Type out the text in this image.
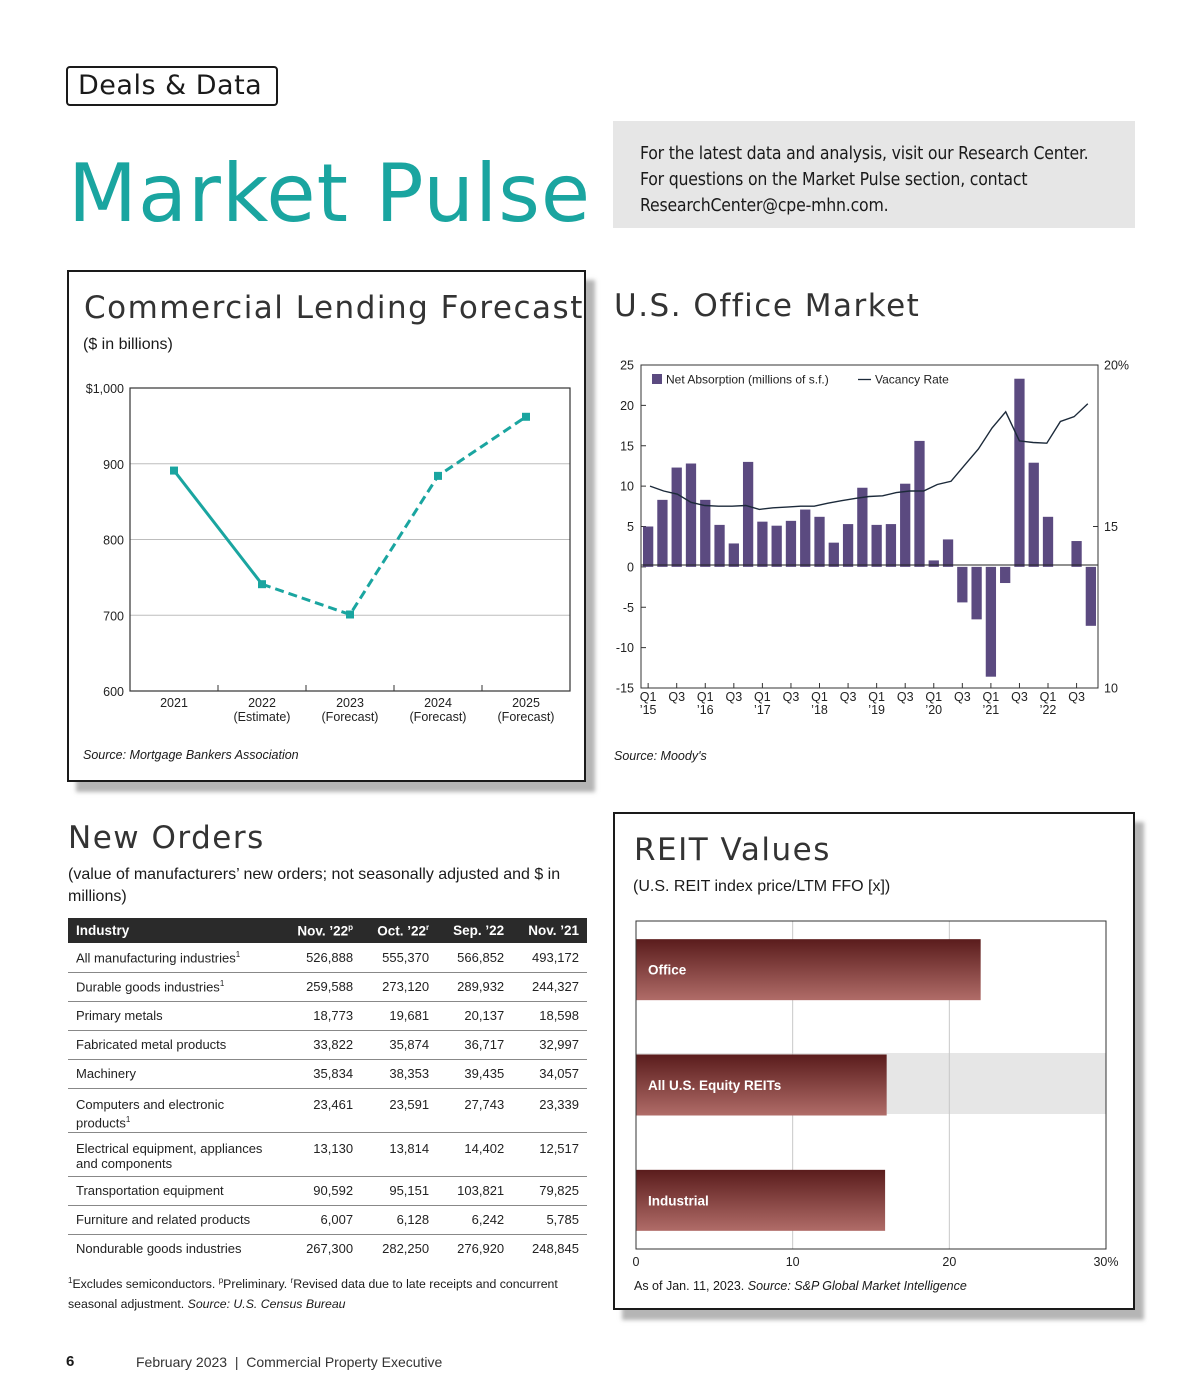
Deals & Data
Market Pulse	For the latest data and analysis, visit our Research Center.
For questions on the Market Pulse section, contact
ResearchCenter@cpe-mhn.com.
Commercial Lending Forecast
($ in billions)
$1,000
900
800
700
600
2021	2022
(Estimate)
2023
(Forecast)
2024
(Forecast)
2025
(Forecast)
Source: Mortgage Bankers Association
U.S. Office Market
25
20
15
10
5
0
-5
-10
-15
20%
15
10
Q1
’15
Q3 Q1
’16
Q3 Q1
’17
Q3 Q1
’18
Q3 Q1
’19
Q3 Q1
’20
Q3 Q1
’21
Q3 Q1
’22
Q3
Net Absorption (millions of s.f.)	Vacancy Rate
Source: Moody's
New Orders
(value of manufacturers’ new orders; not seasonally adjusted and $ in millions)
Industry	Nov. ’22$^p$	Oct. ’22$^r$	Sep. ’22	Nov. ’21
All manufacturing industries$^1$	526,888	555,370	566,852	493,172
Durable goods industries$^1$	259,588	273,120	289,932	244,327
Primary metals	18,773	19,681	20,137	18,598
Fabricated metal products	33,822	35,874	36,717	32,997
Machinery	35,834	38,353	39,435	34,057
Computers and electronic products$^1$	23,461	23,591	27,743	23,339
Electrical equipment, appliances and components	13,130	13,814	14,402	12,517
Transportation equipment	90,592	95,151	103,821	79,825
Furniture and related products	6,007	6,128	6,242	5,785
Nondurable goods industries	267,300	282,250	276,920	248,845
$^1$Excludes semiconductors. $^p$Preliminary. $^r$Revised data due to late receipts and concurrent
seasonal adjustment. Source: U.S. Census Bureau
REIT Values
(U.S. REIT index price/LTM FFO [x])
Office
All U.S. Equity REITs
Industrial
0	10	20	30%
As of Jan. 11, 2023. Source: S&P Global Market Intelligence
6	February 2023  |  Commercial Property Executive
